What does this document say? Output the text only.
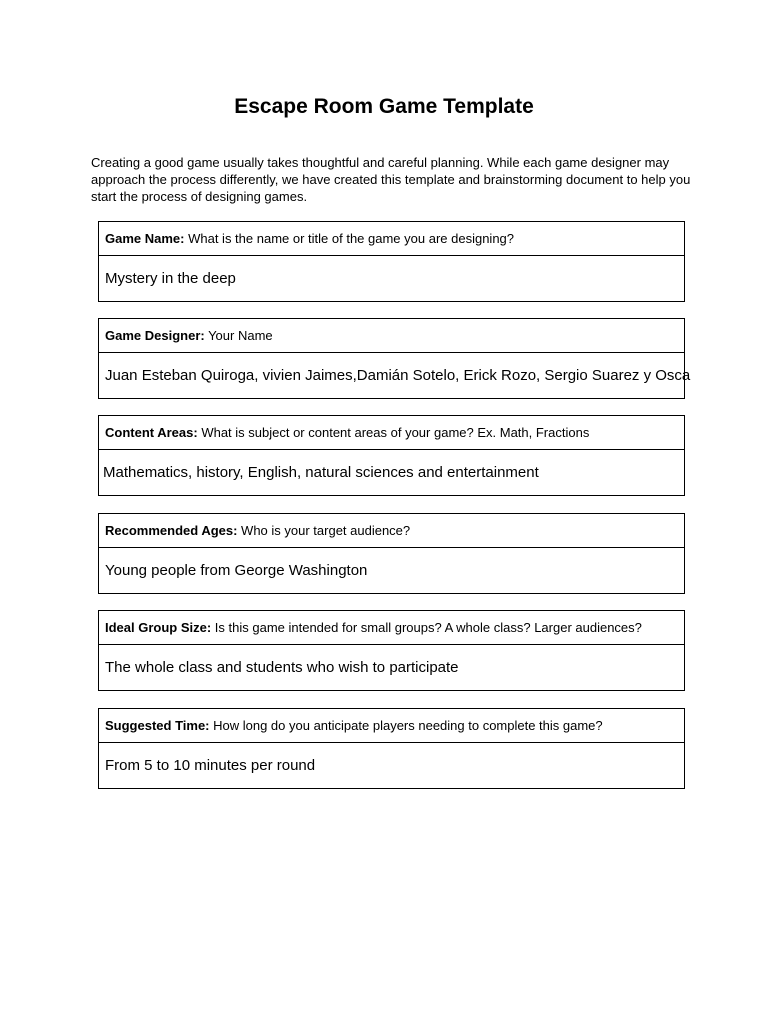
Escape Room Game Template

Creating a good game usually takes thoughtful and careful planning. While each game designer may approach the process differently, we have created this template and brainstorming document to help you start the process of designing games.

Game Name: What is the name or title of the game you are designing?
Mystery in the deep
Game Designer: Your Name
Juan Esteban Quiroga, vivien Jaimes,Damián Sotelo, Erick Rozo, Sergio Suarez y Osca
Content Areas: What is subject or content areas of your game? Ex. Math, Fractions
Mathematics, history, English, natural sciences and entertainment
Recommended Ages: Who is your target audience?
Young people from George Washington
Ideal Group Size: Is this game intended for small groups? A whole class? Larger audiences?
The whole class and students who wish to participate
Suggested Time: How long do you anticipate players needing to complete this game?
From 5 to 10 minutes per round
